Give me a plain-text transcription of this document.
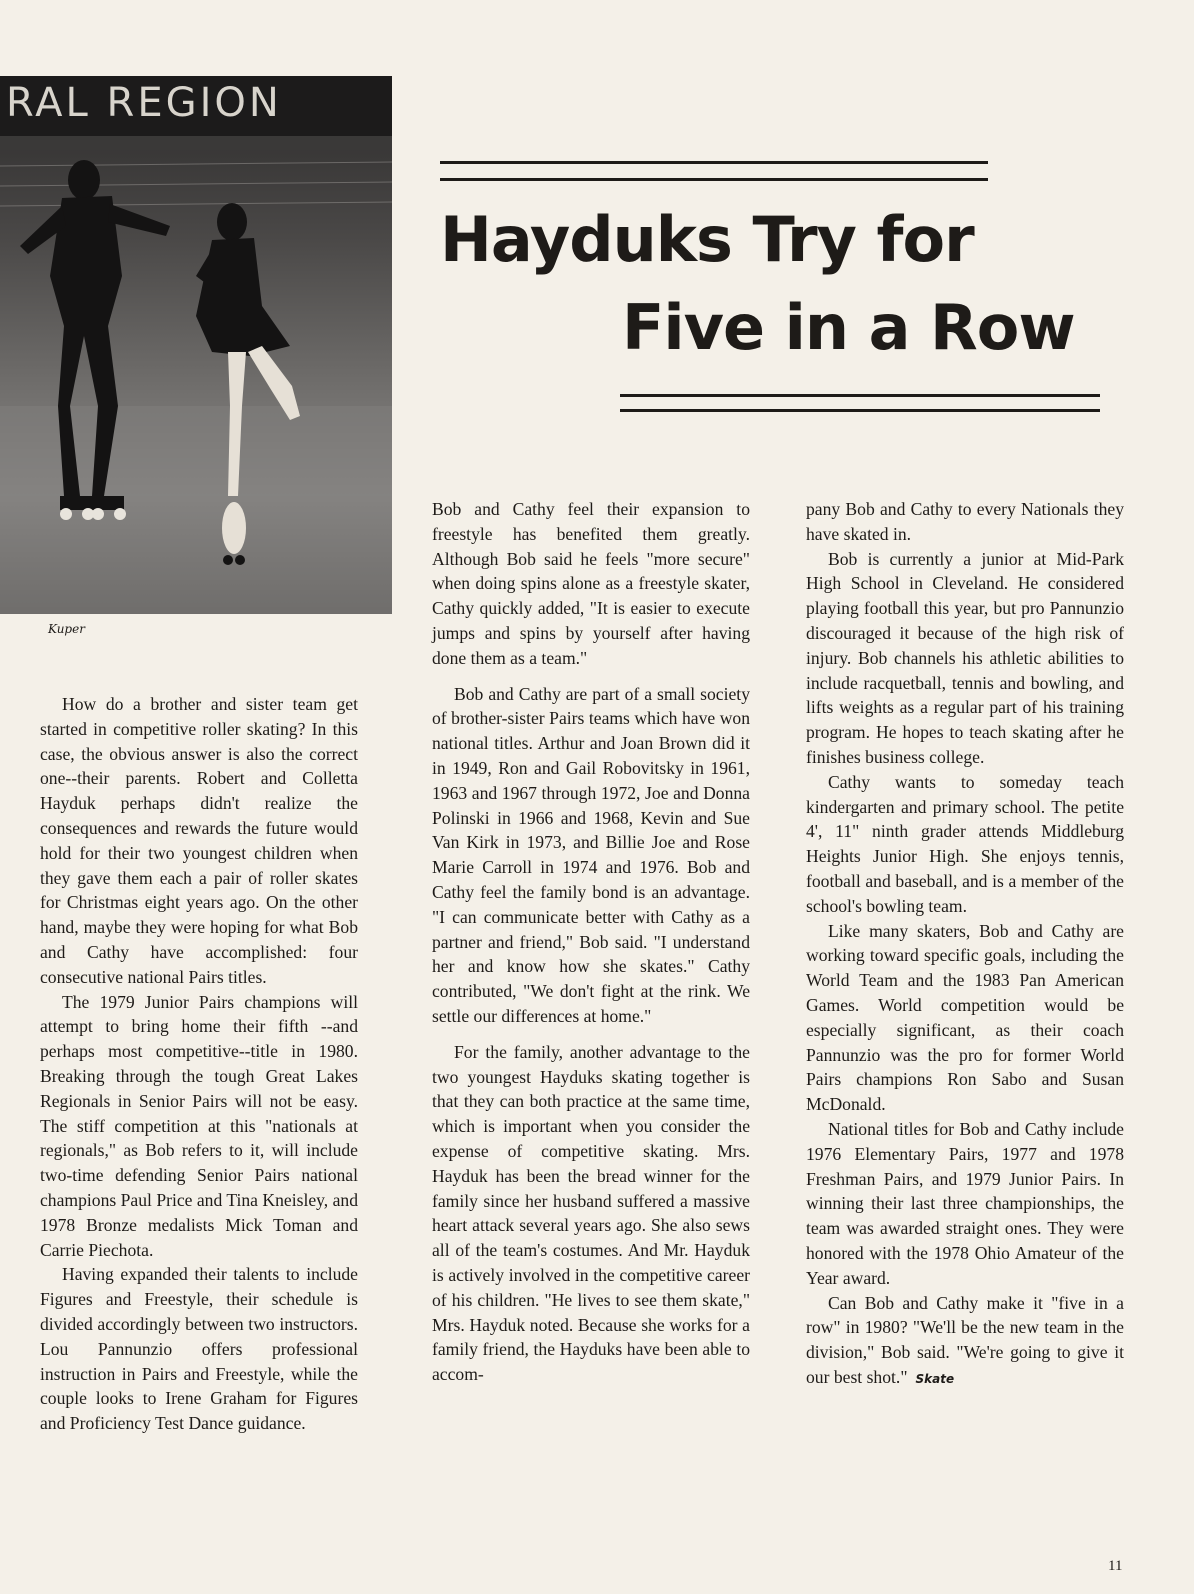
RAL REGION
Kuper
Hayduks Try for
Five in a Row

How do a brother and sister team get started in competitive roller skating? In this case, the obvious answer is also the correct one--their parents. Robert and Colletta Hayduk perhaps didn't realize the consequences and rewards the future would hold for their two youngest children when they gave them each a pair of roller skates for Christmas eight years ago. On the other hand, maybe they were hoping for what Bob and Cathy have accomplished: four consecutive national Pairs titles.

The 1979 Junior Pairs champions will attempt to bring home their fifth --and perhaps most competitive--title in 1980. Breaking through the tough Great Lakes Regionals in Senior Pairs will not be easy. The stiff competition at this "nationals at regionals," as Bob refers to it, will include two-time defending Senior Pairs national champions Paul Price and Tina Kneisley, and 1978 Bronze medalists Mick Toman and Carrie Piechota.

Having expanded their talents to include Figures and Freestyle, their schedule is divided accordingly between two instructors. Lou Pannunzio offers professional instruction in Pairs and Freestyle, while the couple looks to Irene Graham for Figures and Proficiency Test Dance guidance.

Bob and Cathy feel their expansion to freestyle has benefited them greatly. Although Bob said he feels "more secure" when doing spins alone as a freestyle skater, Cathy quickly added, "It is easier to execute jumps and spins by yourself after having done them as a team."

Bob and Cathy are part of a small society of brother-sister Pairs teams which have won national titles. Arthur and Joan Brown did it in 1949, Ron and Gail Robovitsky in 1961, 1963 and 1967 through 1972, Joe and Donna Polinski in 1966 and 1968, Kevin and Sue Van Kirk in 1973, and Billie Joe and Rose Marie Carroll in 1974 and 1976. Bob and Cathy feel the family bond is an advantage. "I can communicate better with Cathy as a partner and friend," Bob said. "I understand her and know how she skates." Cathy contributed, "We don't fight at the rink. We settle our differences at home."

For the family, another advantage to the two youngest Hayduks skating together is that they can both practice at the same time, which is important when you consider the expense of competitive skating. Mrs. Hayduk has been the bread winner for the family since her husband suffered a massive heart attack several years ago. She also sews all of the team's costumes. And Mr. Hayduk is actively involved in the competitive career of his children. "He lives to see them skate," Mrs. Hayduk noted. Because she works for a family friend, the Hayduks have been able to accom-

pany Bob and Cathy to every Nationals they have skated in.

Bob is currently a junior at Mid-Park High School in Cleveland. He considered playing football this year, but pro Pannunzio discouraged it because of the high risk of injury. Bob channels his athletic abilities to include racquetball, tennis and bowling, and lifts weights as a regular part of his training program. He hopes to teach skating after he finishes business college.

Cathy wants to someday teach kindergarten and primary school. The petite 4', 11" ninth grader attends Middleburg Heights Junior High. She enjoys tennis, football and baseball, and is a member of the school's bowling team.

Like many skaters, Bob and Cathy are working toward specific goals, including the World Team and the 1983 Pan American Games. World competition would be especially significant, as their coach Pannunzio was the pro for former World Pairs champions Ron Sabo and Susan McDonald.

National titles for Bob and Cathy include 1976 Elementary Pairs, 1977 and 1978 Freshman Pairs, and 1979 Junior Pairs. In winning their last three championships, the team was awarded straight ones. They were honored with the 1978 Ohio Amateur of the Year award.

Can Bob and Cathy make it "five in a row" in 1980? "We'll be the new team in the division," Bob said. "We're going to give it our best shot." Skate

11
